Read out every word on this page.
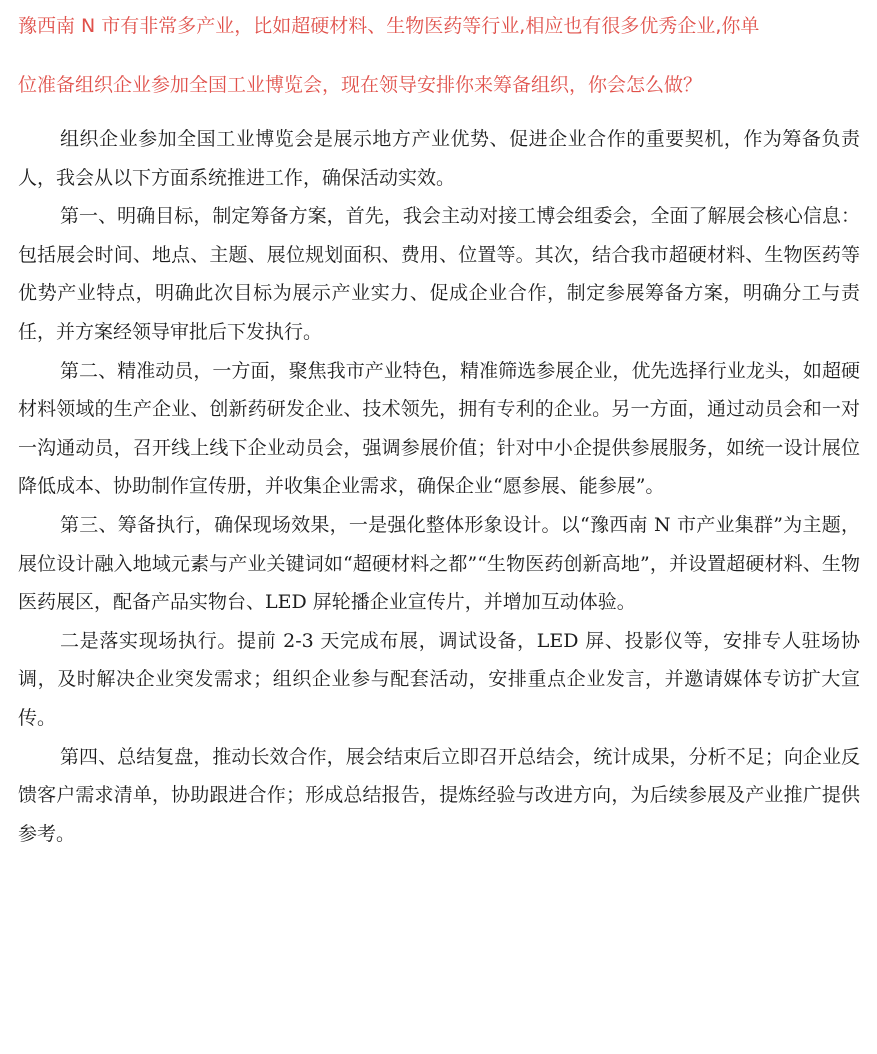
豫西南 N 市有非常多产业，比如超硬材料、生物医药等行业,相应也有很多优秀企业,你单
位准备组织企业参加全国工业博览会，现在领导安排你来筹备组织，你会怎么做？

组织企业参加全国工业博览会是展示地方产业优势、促进企业合作的重要契机，作为筹备负责人，我会从以下方面系统推进工作，确保活动实效。

第一、明确目标，制定筹备方案，首先，我会主动对接工博会组委会，全面了解展会核心信息：包括展会时间、地点、主题、展位规划面积、费用、位置等。其次，结合我市超硬材料、生物医药等优势产业特点，明确此次目标为展示产业实力、促成企业合作，制定参展筹备方案，明确分工与责任，并方案经领导审批后下发执行。

第二、精准动员，一方面，聚焦我市产业特色，精准筛选参展企业，优先选择行业龙头，如超硬材料领域的生产企业、创新药研发企业、技术领先，拥有专利的企业。另一方面，通过动员会和一对一沟通动员，召开线上线下企业动员会，强调参展价值；针对中小企提供参展服务，如统一设计展位降低成本、协助制作宣传册，并收集企业需求，确保企业“愿参展、能参展”。

第三、筹备执行，确保现场效果，一是强化整体形象设计。以“豫西南 N 市产业集群”为主题，展位设计融入地域元素与产业关键词如“超硬材料之都”“生物医药创新高地”，并设置超硬材料、生物医药展区，配备产品实物台、LED 屏轮播企业宣传片，并增加互动体验。

二是落实现场执行。提前 2-3 天完成布展，调试设备，LED 屏、投影仪等，安排专人驻场协调，及时解决企业突发需求；组织企业参与配套活动，安排重点企业发言，并邀请媒体专访扩大宣传。

第四、总结复盘，推动长效合作，展会结束后立即召开总结会，统计成果，分析不足；向企业反馈客户需求清单，协助跟进合作；形成总结报告，提炼经验与改进方向，为后续参展及产业推广提供参考。
